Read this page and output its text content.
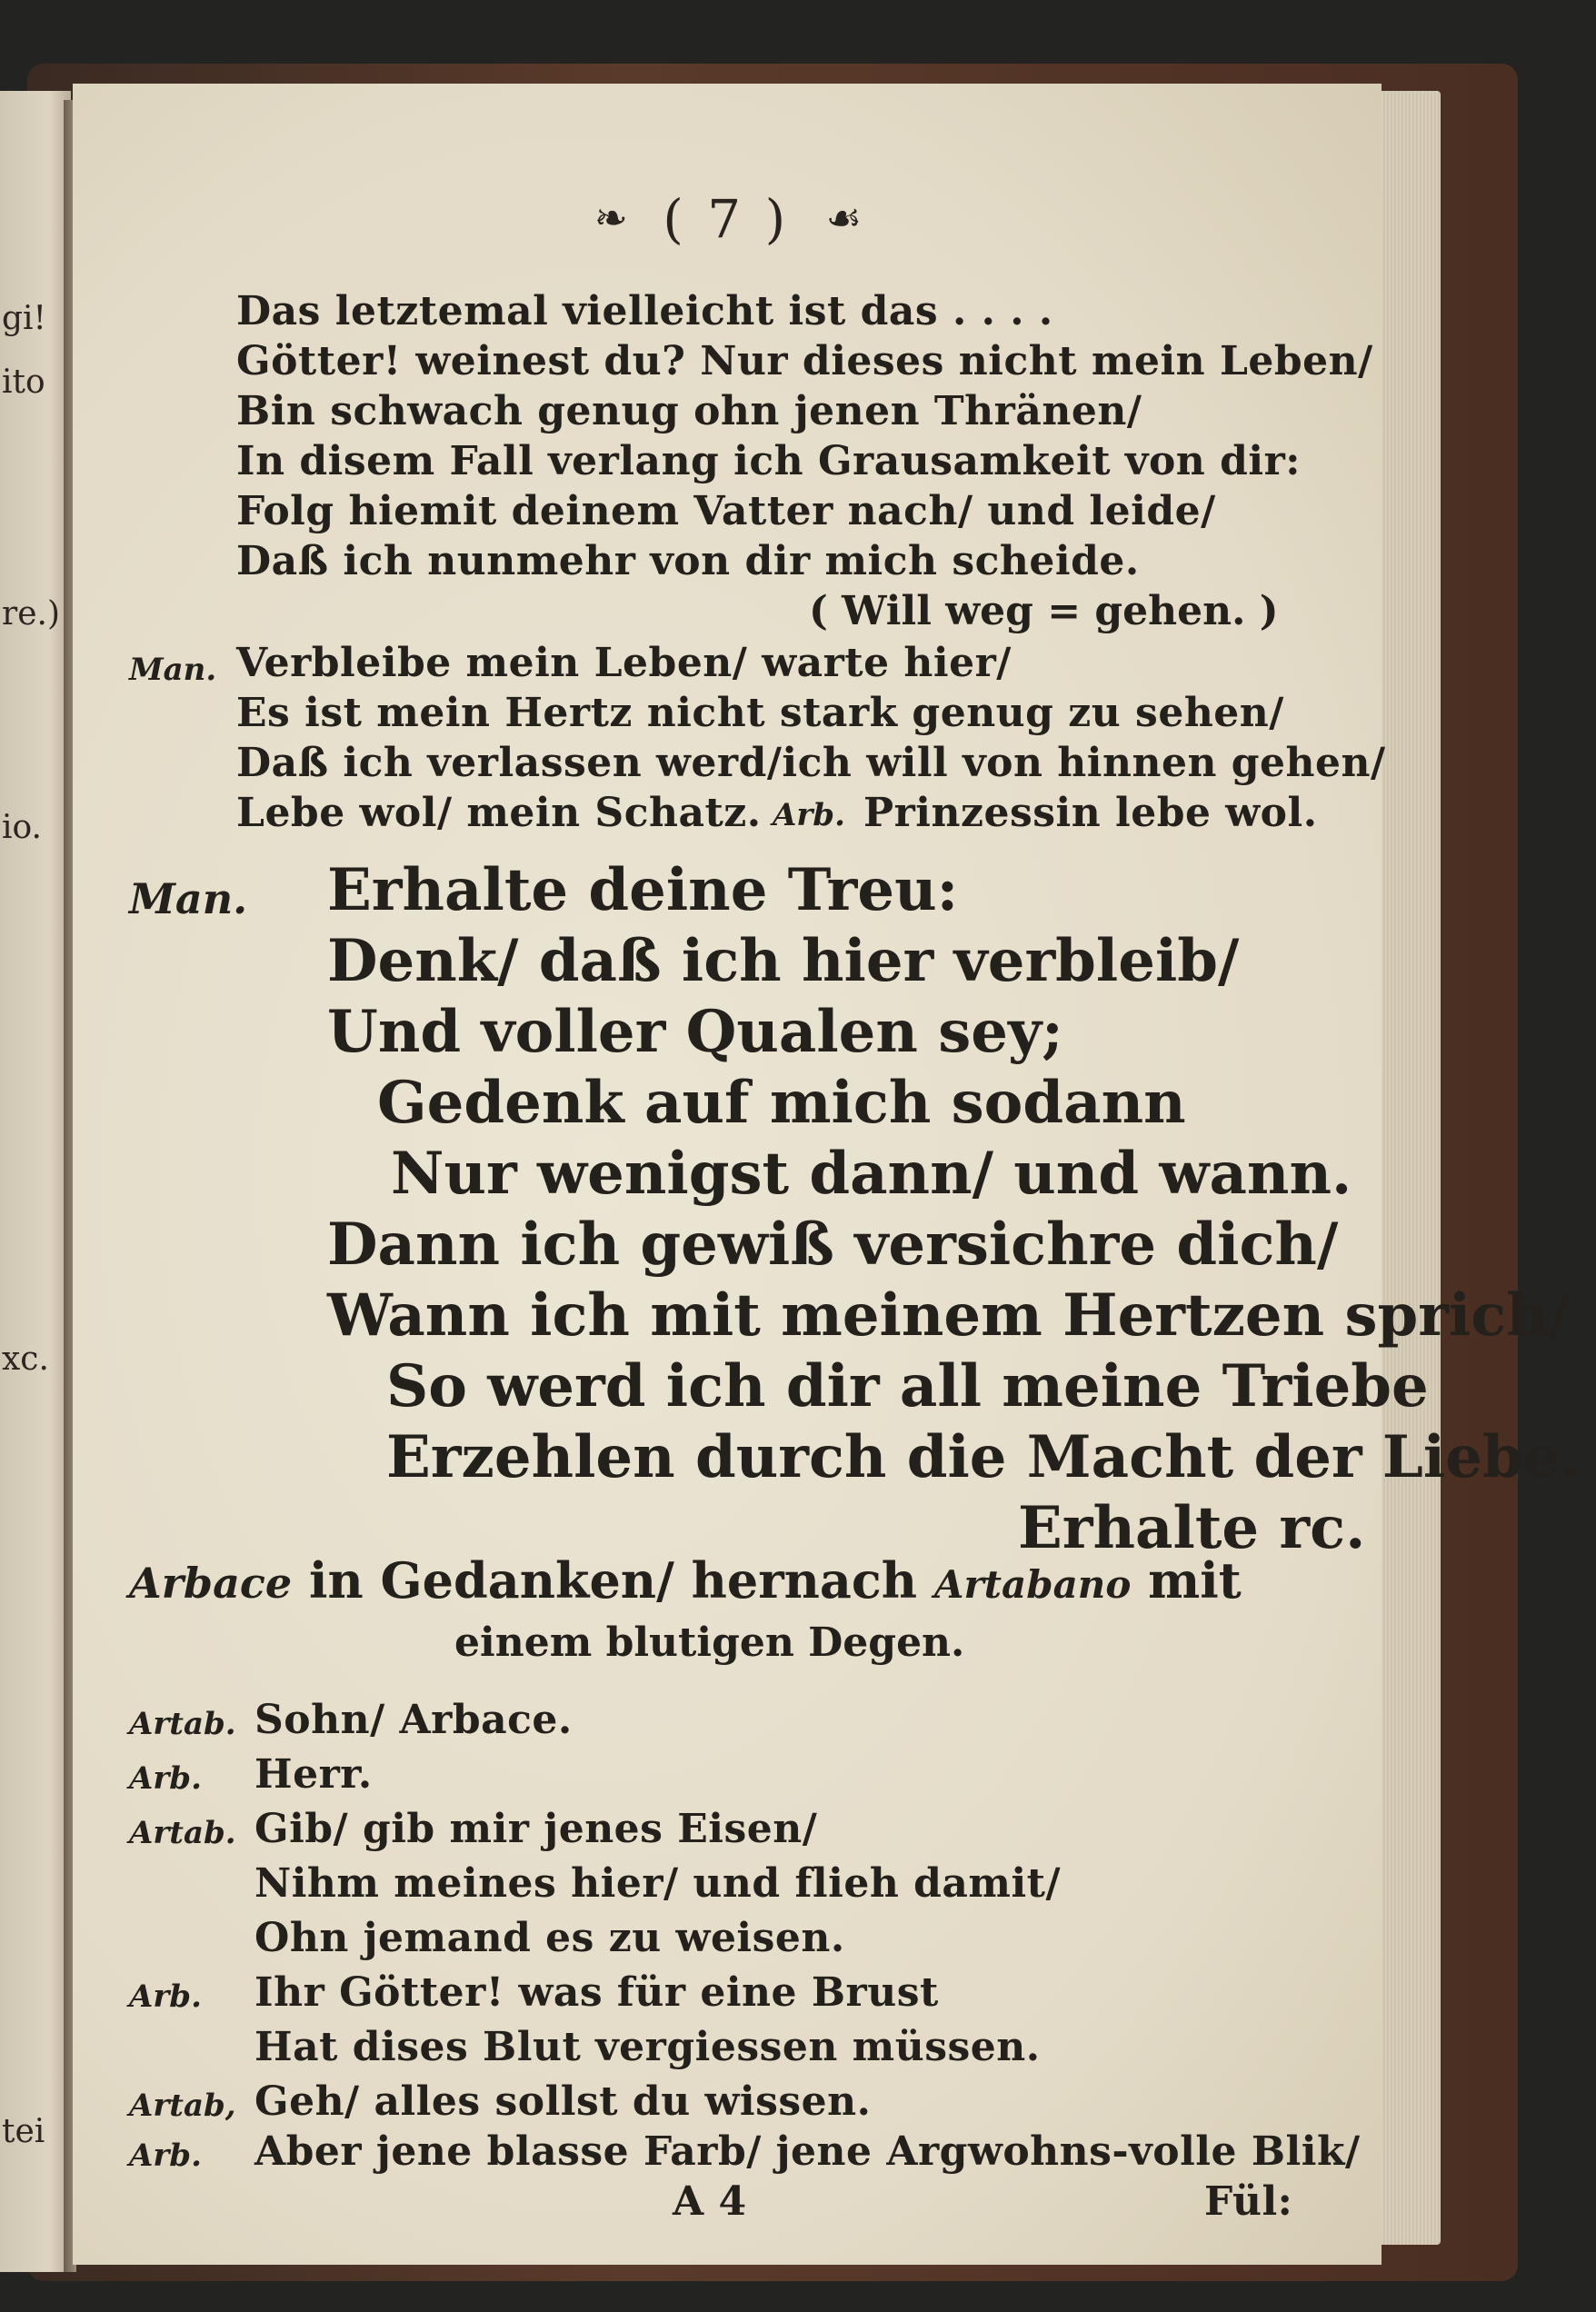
gi!
ito
re.)
io.
xc.
tei
❧ ( 7 ) ☙
Das letztemal vielleicht ist das . . . .
Götter! weinest du? Nur dieses nicht mein Leben/
Bin schwach genug ohn jenen Thränen/
In disem Fall verlang ich Grausamkeit von dir:
Folg hiemit deinem Vatter nach/ und leide/
Daß ich nunmehr von dir mich scheide.
( Will weg = gehen. )
Man. Verbleibe mein Leben/ warte hier/
Es ist mein Hertz nicht stark genug zu sehen/
Daß ich verlassen werd/ich will von hinnen gehen/
Lebe wol/ mein Schatz. Arb. Prinzessin lebe wol.
Man. Erhalte deine Treu:
Denk/ daß ich hier verbleib/
Und voller Qualen sey;
Gedenk auf mich sodann
Nur wenigst dann/ und wann.
Dann ich gewiß versichre dich/
Wann ich mit meinem Hertzen sprich/
So werd ich dir all meine Triebe
Erzehlen durch die Macht der Liebe.
Erhalte rc.
Arbace in Gedanken/ hernach Artabano mit
einem blutigen Degen.
Artab. Sohn/ Arbace.
Arb. Herr.
Artab. Gib/ gib mir jenes Eisen/
Nihm meines hier/ und flieh damit/
Ohn jemand es zu weisen.
Arb. Ihr Götter! was für eine Brust
Hat dises Blut vergiessen müssen.
Artab, Geh/ alles sollst du wissen.
Arb. Aber jene blasse Farb/ jene Argwohns-volle Blik/
A 4	Fül:
